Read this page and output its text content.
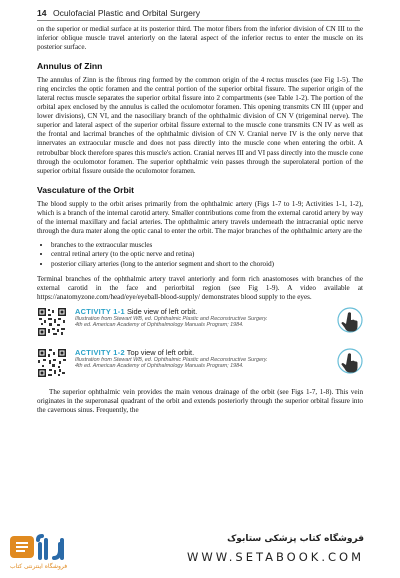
14 Oculofacial Plastic and Orbital Surgery

on the superior or medial surface at its posterior third. The motor fibers from the inferior division of CN III to the inferior oblique muscle travel anteriorly on the lateral aspect of the inferior rectus to enter the muscle on its posterior surface.

Annulus of Zinn

The annulus of Zinn is the fibrous ring formed by the common origin of the 4 rectus muscles (see Fig 1-5). The ring encircles the optic foramen and the central portion of the superior orbital fissure. The superior origin of the lateral rectus muscle separates the superior orbital fissure into 2 compartments (see Table 1-2). The portion of the orbital apex enclosed by the annulus is called the oculomotor foramen. This opening transmits CN III (upper and lower divisions), CN VI, and the nasociliary branch of the ophthalmic division of CN V (trigeminal nerve). The superior and lateral aspect of the superior orbital fissure external to the muscle cone transmits CN IV as well as the frontal and lacrimal branches of the ophthalmic division of CN V. Cranial nerve IV is the only nerve that innervates an extraocular muscle and does not pass directly into the muscle cone when entering the orbit. A retrobulbar block therefore spares this muscle's action. Cranial nerves III and VI pass directly into the muscle cone through the oculomotor foramen. The superior ophthalmic vein passes through the superolateral portion of the superior orbital fissure outside the oculomotor foramen.

Vasculature of the Orbit

The blood supply to the orbit arises primarily from the ophthalmic artery (Figs 1-7 to 1-9; Activities 1-1, 1-2), which is a branch of the internal carotid artery. Smaller contributions come from the external carotid artery by way of the internal maxillary and facial arteries. The ophthalmic artery travels underneath the intracranial optic nerve through the dura mater along the optic canal to enter the orbit. The major branches of the ophthalmic artery are the

• branches to the extraocular muscles
• central retinal artery (to the optic nerve and retina)
• posterior ciliary arteries (long to the anterior segment and short to the choroid)

Terminal branches of the ophthalmic artery travel anteriorly and form rich anastomoses with branches of the external carotid in the face and periorbital region (see Fig 1-9). A video available at https://anatomyzone.com/head/eye/eyeball-blood-supply/ demonstrates blood supply to the eyes.

ACTIVITY 1-1 Side view of left orbit.
Illustration from Stewart WB, ed. Ophthalmic Plastic and Reconstructive Surgery.
4th ed. American Academy of Ophthalmology Manuals Program; 1984.
ACTIVITY 1-2 Top view of left orbit.
Illustration from Stewart WB, ed. Ophthalmic Plastic and Reconstructive Surgery.
4th ed. American Academy of Ophthalmology Manuals Program; 1984.

The superior ophthalmic vein provides the main venous drainage of the orbit (see Figs 1-7, 1-8). This vein originates in the superonasal quadrant of the orbit and extends posteriorly through the superior orbital fissure into the cavernous sinus. Frequently, the

ستابوک
فروشگاه اینترنتی کتاب
فروشگاه کتاب پزشکی ستابوک
WWW.SETABOOK.COM
